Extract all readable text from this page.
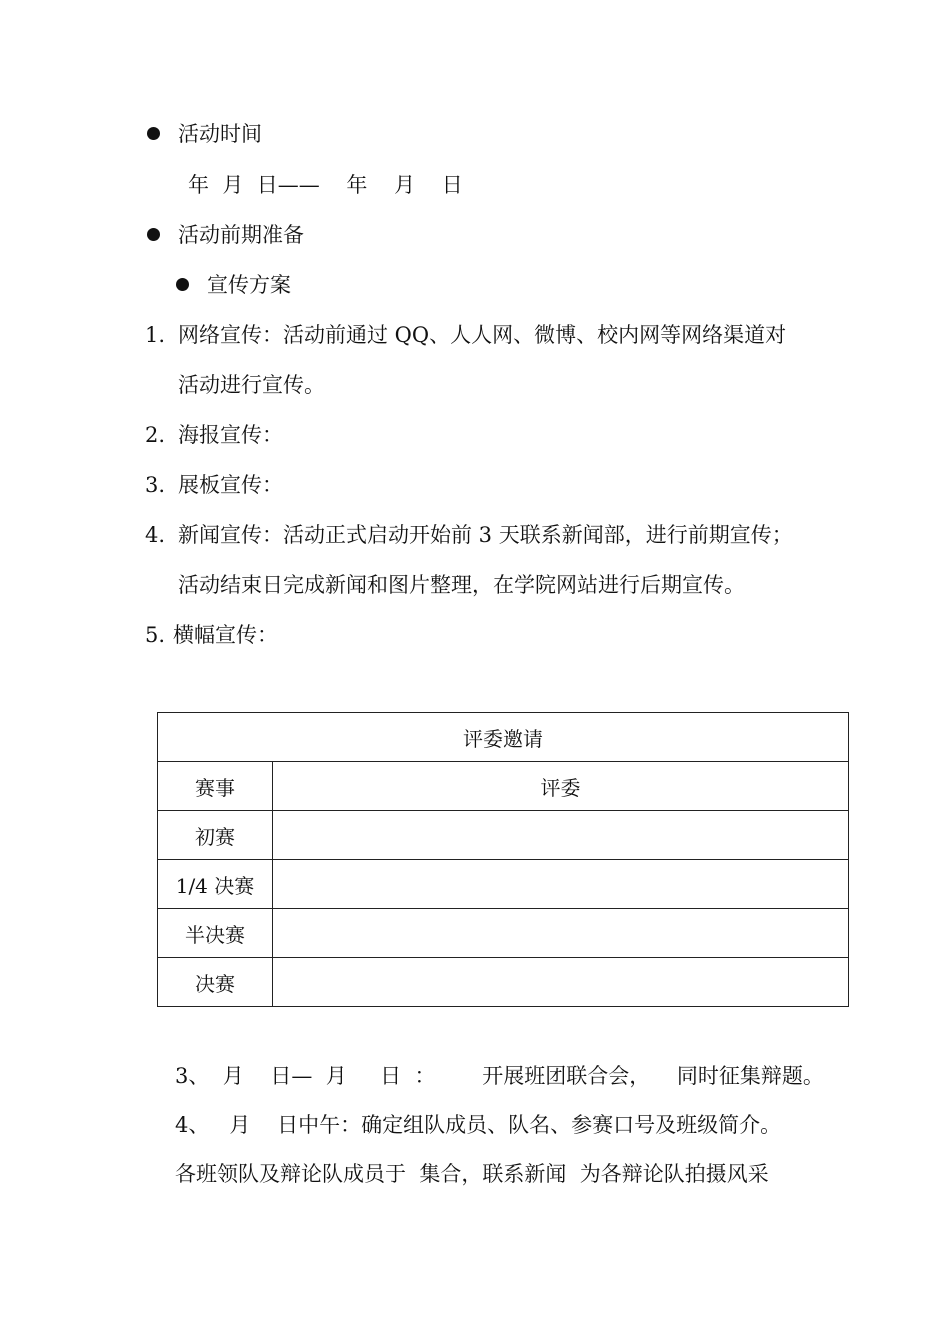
活动时间
年  月  日——    年    月    日
活动前期准备
宣传方案
1. 网络宣传：活动前通过 QQ、人人网、微博、校内网等网络渠道对
活动进行宣传。
2. 海报宣传：
3. 展板宣传：
4. 新闻宣传：活动正式启动开始前 3 天联系新闻部，进行前期宣传；
活动结束日完成新闻和图片整理，在学院网站进行后期宣传。
5. 横幅宣传：
评委邀请	
赛事	评委
初赛	
1/4 决赛	
半决赛	
决赛	
3、  月    日—  月     日  ：       开展班团联合会，    同时征集辩题。
4、   月    日中午：确定组队成员、队名、参赛口号及班级简介。
各班领队及辩论队成员于  集合，联系新闻  为各辩论队拍摄风采
